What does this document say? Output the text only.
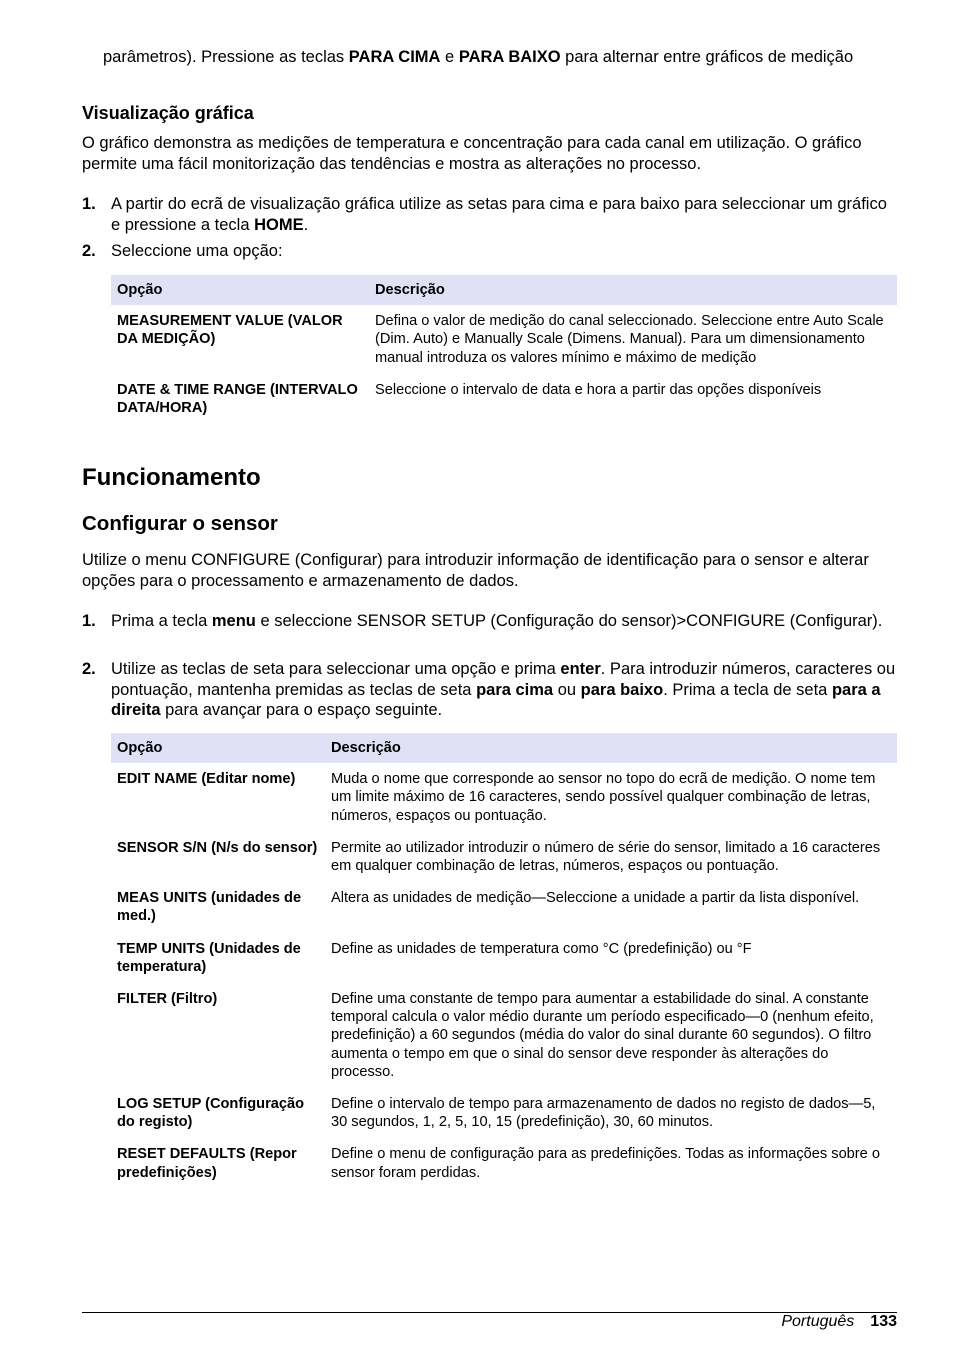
parâmetros). Pressione as teclas PARA CIMA e PARA BAIXO para alternar entre gráficos de medição

Visualização gráfica

O gráfico demonstra as medições de temperatura e concentração para cada canal em utilização. O gráfico permite uma fácil monitorização das tendências e mostra as alterações no processo.

1. A partir do ecrã de visualização gráfica utilize as setas para cima e para baixo para seleccionar um gráfico e pressione a tecla HOME.
2. Seleccione uma opção:
Opção	Descrição
MEASUREMENT VALUE (VALOR DA MEDIÇÃO)	Defina o valor de medição do canal seleccionado. Seleccione entre Auto Scale (Dim. Auto) e Manually Scale (Dimens. Manual). Para um dimensionamento manual introduza os valores mínimo e máximo de medição
DATE & TIME RANGE (INTERVALO DATA/HORA)	Seleccione o intervalo de data e hora a partir das opções disponíveis
Funcionamento
Configurar o sensor

Utilize o menu CONFIGURE (Configurar) para introduzir informação de identificação para o sensor e alterar opções para o processamento e armazenamento de dados.

1. Prima a tecla menu e seleccione SENSOR SETUP (Configuração do sensor)>CONFIGURE (Configurar).
2. Utilize as teclas de seta para seleccionar uma opção e prima enter. Para introduzir números, caracteres ou pontuação, mantenha premidas as teclas de seta para cima ou para baixo. Prima a tecla de seta para a direita para avançar para o espaço seguinte.
Opção	Descrição
EDIT NAME (Editar nome)	Muda o nome que corresponde ao sensor no topo do ecrã de medição. O nome tem um limite máximo de 16 caracteres, sendo possível qualquer combinação de letras, números, espaços ou pontuação.
SENSOR S/N (N/s do sensor)	Permite ao utilizador introduzir o número de série do sensor, limitado a 16 caracteres em qualquer combinação de letras, números, espaços ou pontuação.
MEAS UNITS (unidades de med.)	Altera as unidades de medição—Seleccione a unidade a partir da lista disponível.
TEMP UNITS (Unidades de temperatura)	Define as unidades de temperatura como °C (predefinição) ou °F
FILTER (Filtro)	Define uma constante de tempo para aumentar a estabilidade do sinal. A constante temporal calcula o valor médio durante um período especificado—0 (nenhum efeito, predefinição) a 60 segundos (média do valor do sinal durante 60 segundos). O filtro aumenta o tempo em que o sinal do sensor deve responder às alterações do processo.
LOG SETUP (Configuração do registo)	Define o intervalo de tempo para armazenamento de dados no registo de dados—5, 30 segundos, 1, 2, 5, 10, 15 (predefinição), 30, 60 minutos.
RESET DEFAULTS (Repor predefinições)	Define o menu de configuração para as predefinições. Todas as informações sobre o sensor foram perdidas.
Português 133
